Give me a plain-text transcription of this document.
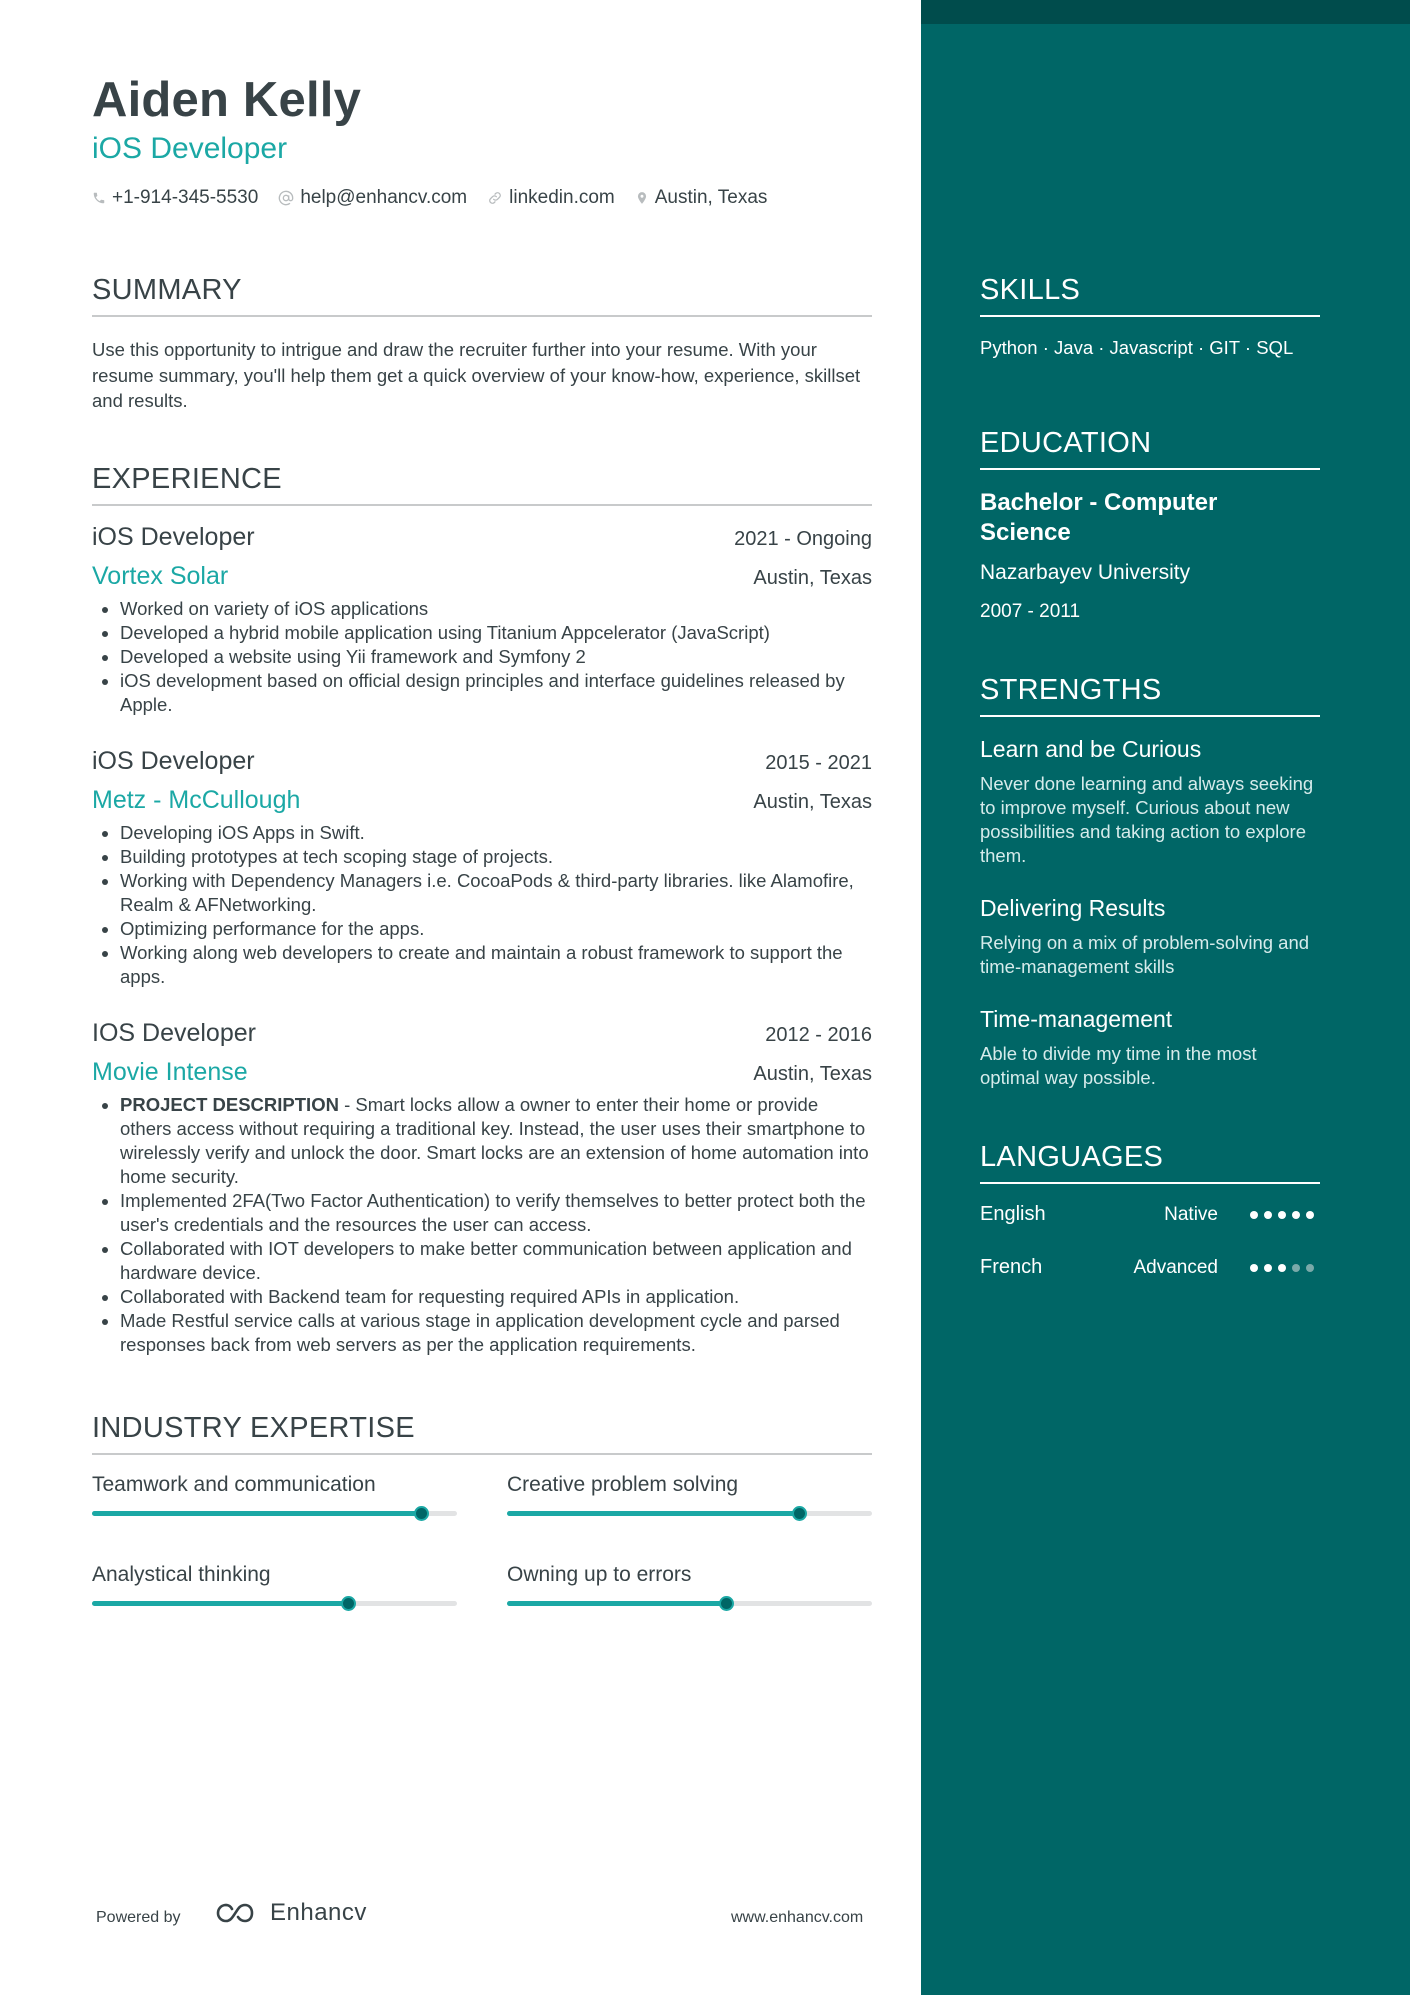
Aiden Kelly
iOS Developer
+1-914-345-5530 help@enhancv.com linkedin.com Austin, Texas
SUMMARY
Use this opportunity to intrigue and draw the recruiter further into your resume. With your resume summary, you'll help them get a quick overview of your know-how, experience, skillset and results.
EXPERIENCE
iOS Developer	2021 - Ongoing
Vortex Solar	Austin, Texas
• Worked on variety of iOS applications
• Developed a hybrid mobile application using Titanium Appcelerator (JavaScript)
• Developed a website using Yii framework and Symfony 2
• iOS development based on official design principles and interface guidelines released by Apple.
iOS Developer	2015 - 2021
Metz - McCullough	Austin, Texas
• Developing iOS Apps in Swift.
• Building prototypes at tech scoping stage of projects.
• Working with Dependency Managers i.e. CocoaPods & third-party libraries. like Alamofire, Realm & AFNetworking.
• Optimizing performance for the apps.
• Working along web developers to create and maintain a robust framework to support the apps.
IOS Developer	2012 - 2016
Movie Intense	Austin, Texas
• PROJECT DESCRIPTION - Smart locks allow a owner to enter their home or provide others access without requiring a traditional key. Instead, the user uses their smartphone to wirelessly verify and unlock the door. Smart locks are an extension of home automation into home security.
• Implemented 2FA(Two Factor Authentication) to verify themselves to better protect both the user's credentials and the resources the user can access.
• Collaborated with IOT developers to make better communication between application and hardware device.
• Collaborated with Backend team for requesting required APIs in application.
• Made Restful service calls at various stage in application development cycle and parsed responses back from web servers as per the application requirements.
INDUSTRY EXPERTISE
Teamwork and communication	Creative problem solving
Analystical thinking	Owning up to errors
SKILLS
Python · Java · Javascript · GIT · SQL
EDUCATION
Bachelor - Computer Science
Nazarbayev University
2007 - 2011
STRENGTHS
Learn and be Curious
Never done learning and always seeking to improve myself. Curious about new possibilities and taking action to explore them.
Delivering Results
Relying on a mix of problem-solving and time-management skills
Time-management
Able to divide my time in the most optimal way possible.
LANGUAGES
English	Native
French	Advanced
Powered by	Enhancv	www.enhancv.com
